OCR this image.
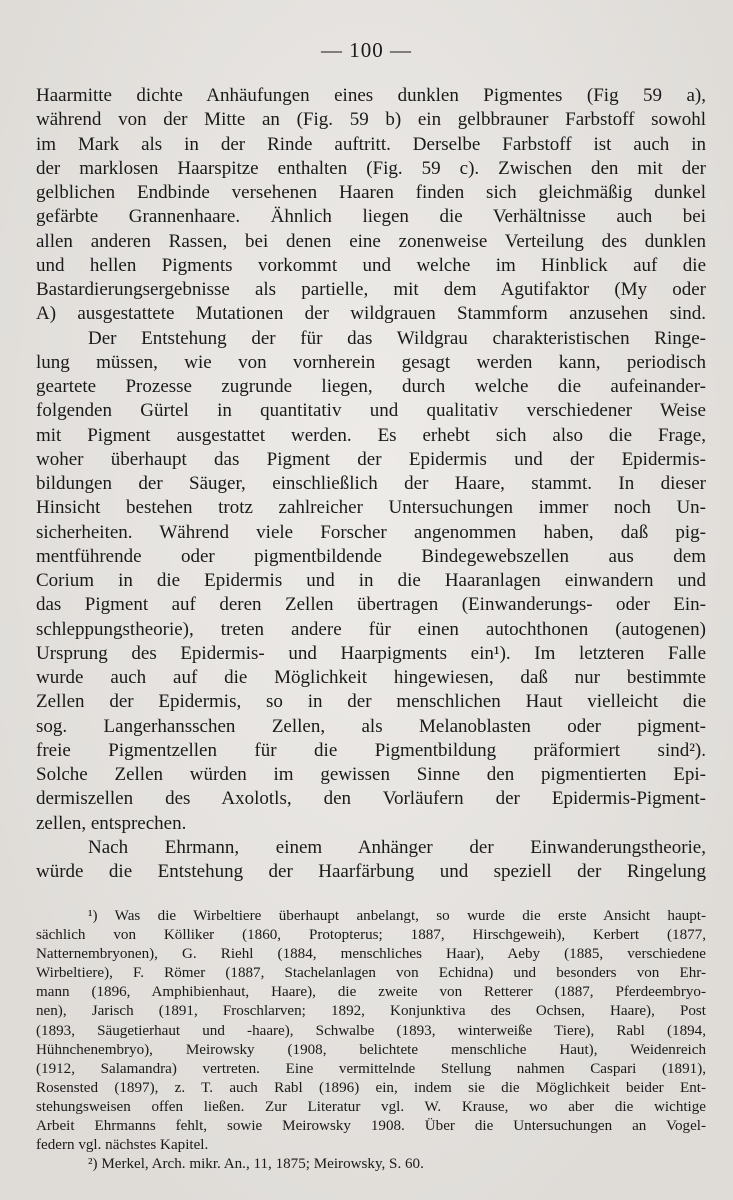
— 100 —
Haarmitte dichte Anhäufungen eines dunklen Pigmentes (Fig 59 a),
während von der Mitte an (Fig. 59 b) ein gelbbrauner Farbstoff sowohl
im Mark als in der Rinde auftritt. Derselbe Farbstoff ist auch in
der marklosen Haarspitze enthalten (Fig. 59 c). Zwischen den mit der
gelblichen Endbinde versehenen Haaren finden sich gleichmäßig dunkel
gefärbte Grannenhaare. Ähnlich liegen die Verhältnisse auch bei
allen anderen Rassen, bei denen eine zonenweise Verteilung des dunklen
und hellen Pigments vorkommt und welche im Hinblick auf die
Bastardierungsergebnisse als partielle, mit dem Agutifaktor (My oder
A) ausgestattete Mutationen der wildgrauen Stammform anzusehen sind.
Der Entstehung der für das Wildgrau charakteristischen Ringe-
lung müssen, wie von vornherein gesagt werden kann, periodisch
geartete Prozesse zugrunde liegen, durch welche die aufeinander-
folgenden Gürtel in quantitativ und qualitativ verschiedener Weise
mit Pigment ausgestattet werden. Es erhebt sich also die Frage,
woher überhaupt das Pigment der Epidermis und der Epidermis-
bildungen der Säuger, einschließlich der Haare, stammt. In dieser
Hinsicht bestehen trotz zahlreicher Untersuchungen immer noch Un-
sicherheiten. Während viele Forscher angenommen haben, daß pig-
mentführende oder pigmentbildende Bindegewebszellen aus dem
Corium in die Epidermis und in die Haaranlagen einwandern und
das Pigment auf deren Zellen übertragen (Einwanderungs- oder Ein-
schleppungstheorie), treten andere für einen autochthonen (autogenen)
Ursprung des Epidermis- und Haarpigments ein¹). Im letzteren Falle
wurde auch auf die Möglichkeit hingewiesen, daß nur bestimmte
Zellen der Epidermis, so in der menschlichen Haut vielleicht die
sog. Langerhansschen Zellen, als Melanoblasten oder pigment-
freie Pigmentzellen für die Pigmentbildung präformiert sind²).
Solche Zellen würden im gewissen Sinne den pigmentierten Epi-
dermiszellen des Axolotls, den Vorläufern der Epidermis-Pigment-
zellen, entsprechen.
Nach Ehrmann, einem Anhänger der Einwanderungstheorie,
würde die Entstehung der Haarfärbung und speziell der Ringelung
¹) Was die Wirbeltiere überhaupt anbelangt, so wurde die erste Ansicht haupt-
sächlich von Kölliker (1860, Protopterus; 1887, Hirschgeweih), Kerbert (1877,
Natternembryonen), G. Riehl (1884, menschliches Haar), Aeby (1885, verschiedene
Wirbeltiere), F. Römer (1887, Stachelanlagen von Echidna) und besonders von Ehr-
mann (1896, Amphibienhaut, Haare), die zweite von Retterer (1887, Pferdeembryo-
nen), Jarisch (1891, Froschlarven; 1892, Konjunktiva des Ochsen, Haare), Post
(1893, Säugetierhaut und -haare), Schwalbe (1893, winterweiße Tiere), Rabl (1894,
Hühnchenembryo), Meirowsky (1908, belichtete menschliche Haut), Weidenreich
(1912, Salamandra) vertreten. Eine vermittelnde Stellung nahmen Caspari (1891),
Rosenstеd (1897), z. T. auch Rabl (1896) ein, indem sie die Möglichkeit beider Ent-
stehungsweisen offen ließen. Zur Literatur vgl. W. Krause, wo aber die wichtige
Arbeit Ehrmanns fehlt, sowie Meirowsky 1908. Über die Untersuchungen an Vogel-
federn vgl. nächstes Kapitel.
²) Merkel, Arch. mikr. An., 11, 1875; Meirowsky, S. 60.
